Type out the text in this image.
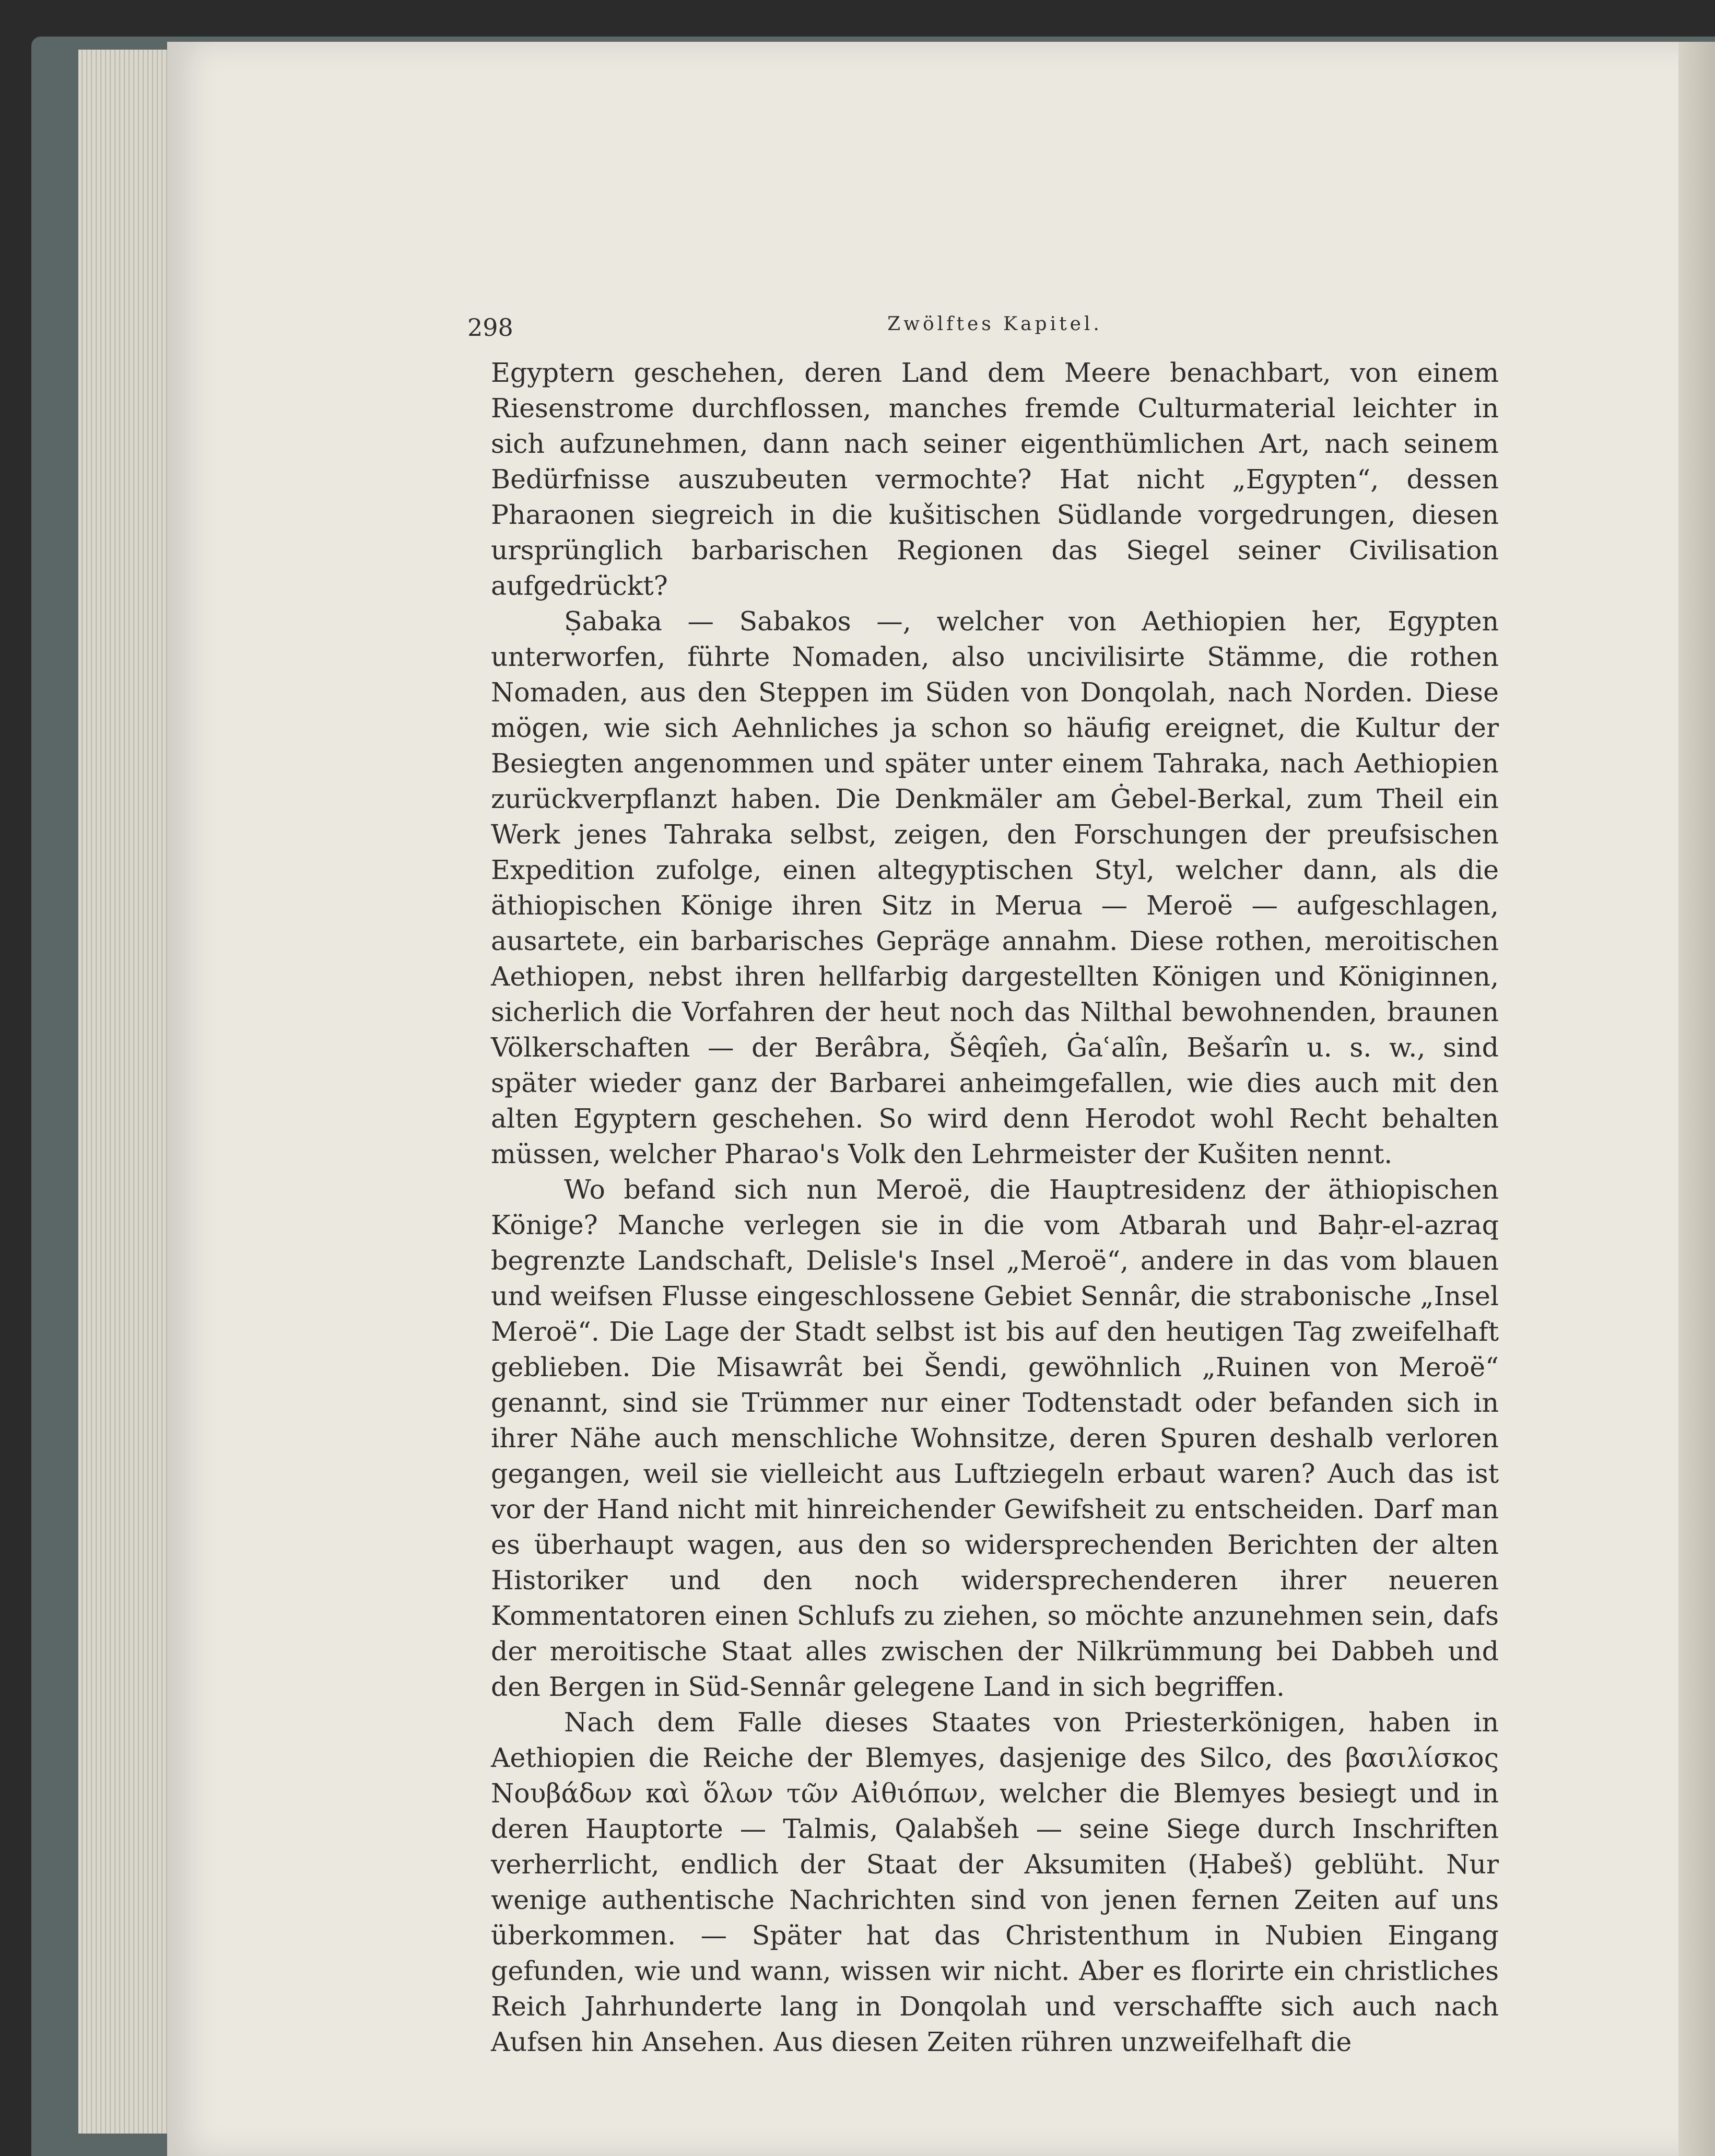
298	Zwölftes Kapitel.

Egyptern geschehen, deren Land dem Meere benachbart, von einem Riesenstrome durchflossen, manches fremde Culturmaterial leichter in sich aufzunehmen, dann nach seiner eigenthümlichen Art, nach seinem Bedürfnisse auszubeuten vermochte? Hat nicht „Egypten“, dessen Pharaonen siegreich in die kušitischen Südlande vorgedrungen, diesen ursprünglich barbarischen Regionen das Siegel seiner Civilisation aufgedrückt?

Ṣabaka — Sabakos —, welcher von Aethiopien her, Egypten unterworfen, führte Nomaden, also uncivilisirte Stämme, die rothen Nomaden, aus den Steppen im Süden von Donqolah, nach Norden. Diese mögen, wie sich Aehnliches ja schon so häufig ereignet, die Kultur der Besiegten angenommen und später unter einem Tahraka, nach Aethiopien zurückverpflanzt haben. Die Denkmäler am Ġebel-Berkal, zum Theil ein Werk jenes Tahraka selbst, zeigen, den Forschungen der preufsischen Expedition zufolge, einen altegyptischen Styl, welcher dann, als die äthiopischen Könige ihren Sitz in Merua — Meroë — aufgeschlagen, ausartete, ein barbarisches Gepräge annahm. Diese rothen, meroitischen Aethiopen, nebst ihren hellfarbig dargestellten Königen und Königinnen, sicherlich die Vorfahren der heut noch das Nilthal bewohnenden, braunen Völkerschaften — der Berâbra, Šêqîeh, Ġaʿalîn, Bešarîn u. s. w., sind später wieder ganz der Barbarei anheimgefallen, wie dies auch mit den alten Egyptern geschehen. So wird denn Herodot wohl Recht behalten müssen, welcher Pharao's Volk den Lehrmeister der Kušiten nennt.

Wo befand sich nun Meroë, die Hauptresidenz der äthiopischen Könige? Manche verlegen sie in die vom Atbarah und Baḥr-el-azraq begrenzte Landschaft, Delisle's Insel „Meroë“, andere in das vom blauen und weifsen Flusse eingeschlossene Gebiet Sennâr, die strabonische „Insel Meroë“. Die Lage der Stadt selbst ist bis auf den heutigen Tag zweifelhaft geblieben. Die Misawrât bei Šendi, gewöhnlich „Ruinen von Meroë“ genannt, sind sie Trümmer nur einer Todtenstadt oder befanden sich in ihrer Nähe auch menschliche Wohnsitze, deren Spuren deshalb verloren gegangen, weil sie vielleicht aus Luftziegeln erbaut waren? Auch das ist vor der Hand nicht mit hinreichender Gewifsheit zu entscheiden. Darf man es überhaupt wagen, aus den so widersprechenden Berichten der alten Historiker und den noch widersprechenderen ihrer neueren Kommentatoren einen Schlufs zu ziehen, so möchte anzunehmen sein, dafs der meroitische Staat alles zwischen der Nilkrümmung bei Dabbeh und den Bergen in Süd-Sennâr gelegene Land in sich begriffen.

Nach dem Falle dieses Staates von Priesterkönigen, haben in Aethiopien die Reiche der Blemyes, dasjenige des Silco, des βασιλίσκος Νουβάδων καὶ ὅλων τῶν Αἰθιόπων, welcher die Blemyes besiegt und in deren Hauptorte — Talmis, Qalabšeh — seine Siege durch Inschriften verherrlicht, endlich der Staat der Aksumiten (Ḥabeš) geblüht. Nur wenige authentische Nachrichten sind von jenen fernen Zeiten auf uns überkommen. — Später hat das Christenthum in Nubien Eingang gefunden, wie und wann, wissen wir nicht. Aber es florirte ein christliches Reich Jahrhunderte lang in Donqolah und verschaffte sich auch nach Aufsen hin Ansehen. Aus diesen Zeiten rühren unzweifelhaft die
